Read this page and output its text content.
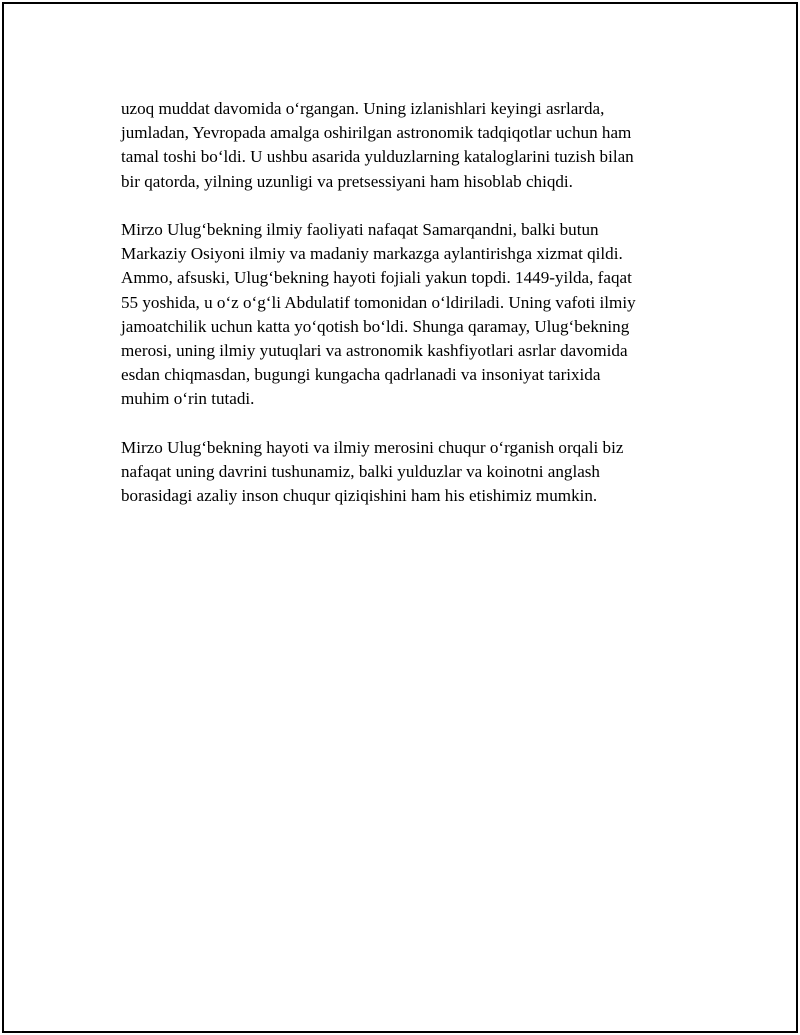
uzoq muddat davomida o‘rgangan. Uning izlanishlari keyingi asrlarda,
jumladan, Yevropada amalga oshirilgan astronomik tadqiqotlar uchun ham
tamal toshi bo‘ldi. U ushbu asarida yulduzlarning kataloglarini tuzish bilan
bir qatorda, yilning uzunligi va pretsessiyani ham hisoblab chiqdi.

Mirzo Ulug‘bekning ilmiy faoliyati nafaqat Samarqandni, balki butun
Markaziy Osiyoni ilmiy va madaniy markazga aylantirishga xizmat qildi.
Ammo, afsuski, Ulug‘bekning hayoti fojiali yakun topdi. 1449-yilda, faqat
55 yoshida, u o‘z o‘g‘li Abdulatif tomonidan o‘ldiriladi. Uning vafoti ilmiy
jamoatchilik uchun katta yo‘qotish bo‘ldi. Shunga qaramay, Ulug‘bekning
merosi, uning ilmiy yutuqlari va astronomik kashfiyotlari asrlar davomida
esdan chiqmasdan, bugungi kungacha qadrlanadi va insoniyat tarixida
muhim o‘rin tutadi.

Mirzo Ulug‘bekning hayoti va ilmiy merosini chuqur o‘rganish orqali biz
nafaqat uning davrini tushunamiz, balki yulduzlar va koinotni anglash
borasidagi azaliy inson chuqur qiziqishini ham his etishimiz mumkin.
